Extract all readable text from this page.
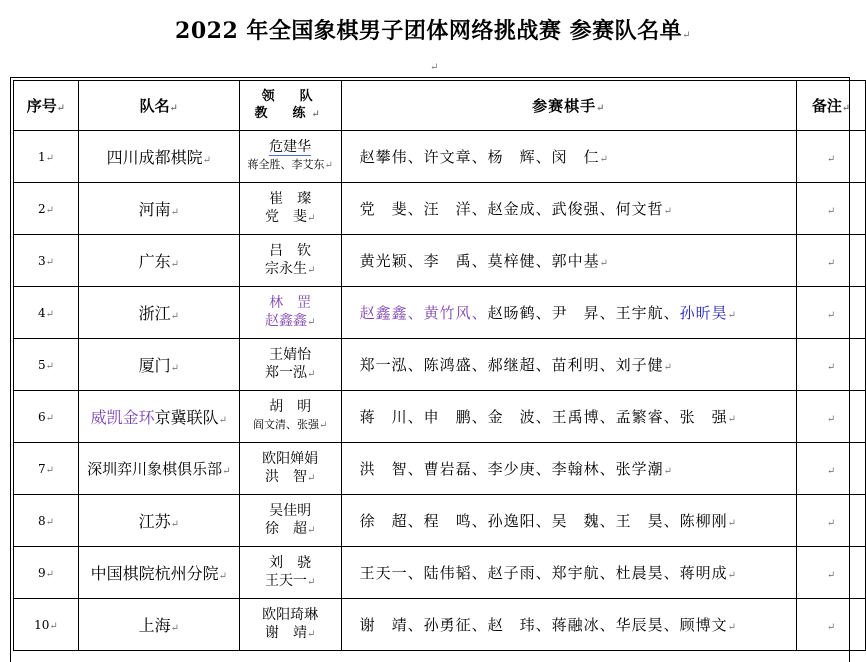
2022 年全国象棋男子团体网络挑战赛 参赛队名单↵
↵
序号↵	队名↵	领　队
教　练↵	参赛棋手↵	备注↵
1↵	四川成都棋院↵	危建华
蒋全胜、李艾东↵	赵攀伟、许文章、杨　辉、闵　仁↵	↵
2↵	河南↵	崔　璨
党　斐↵	党　斐、汪　洋、赵金成、武俊强、何文哲↵	↵
3↵	广东↵	吕　钦
宗永生↵	黄光颖、李　禹、莫梓健、郭中基↵	↵
4↵	浙江↵	林　罡
赵鑫鑫↵	赵鑫鑫、黄竹风、赵旸鹤、尹　昇、王宇航、孙昕昊↵	↵
5↵	厦门↵	王婧怡
郑一泓↵	郑一泓、陈鸿盛、郝继超、苗利明、刘子健↵	↵
6↵	威凯金环京冀联队↵	胡　明
阎文清、张强↵	蒋　川、申　鹏、金　波、王禹博、孟繁睿、张　强↵	↵
7↵	深圳弈川象棋俱乐部↵	欧阳婵娟
洪　智↵	洪　智、曹岩磊、李少庚、李翰林、张学潮↵	↵
8↵	江苏↵	吴佳明
徐　超↵	徐　超、程　鸣、孙逸阳、吴　魏、王　昊、陈柳刚↵	↵
9↵	中国棋院杭州分院↵	刘　骁
王天一↵	王天一、陆伟韬、赵子雨、郑宇航、杜晨昊、蒋明成↵	↵
10↵	上海↵	欧阳琦琳
谢　靖↵	谢　靖、孙勇征、赵　玮、蒋融冰、华辰昊、顾博文↵	↵
